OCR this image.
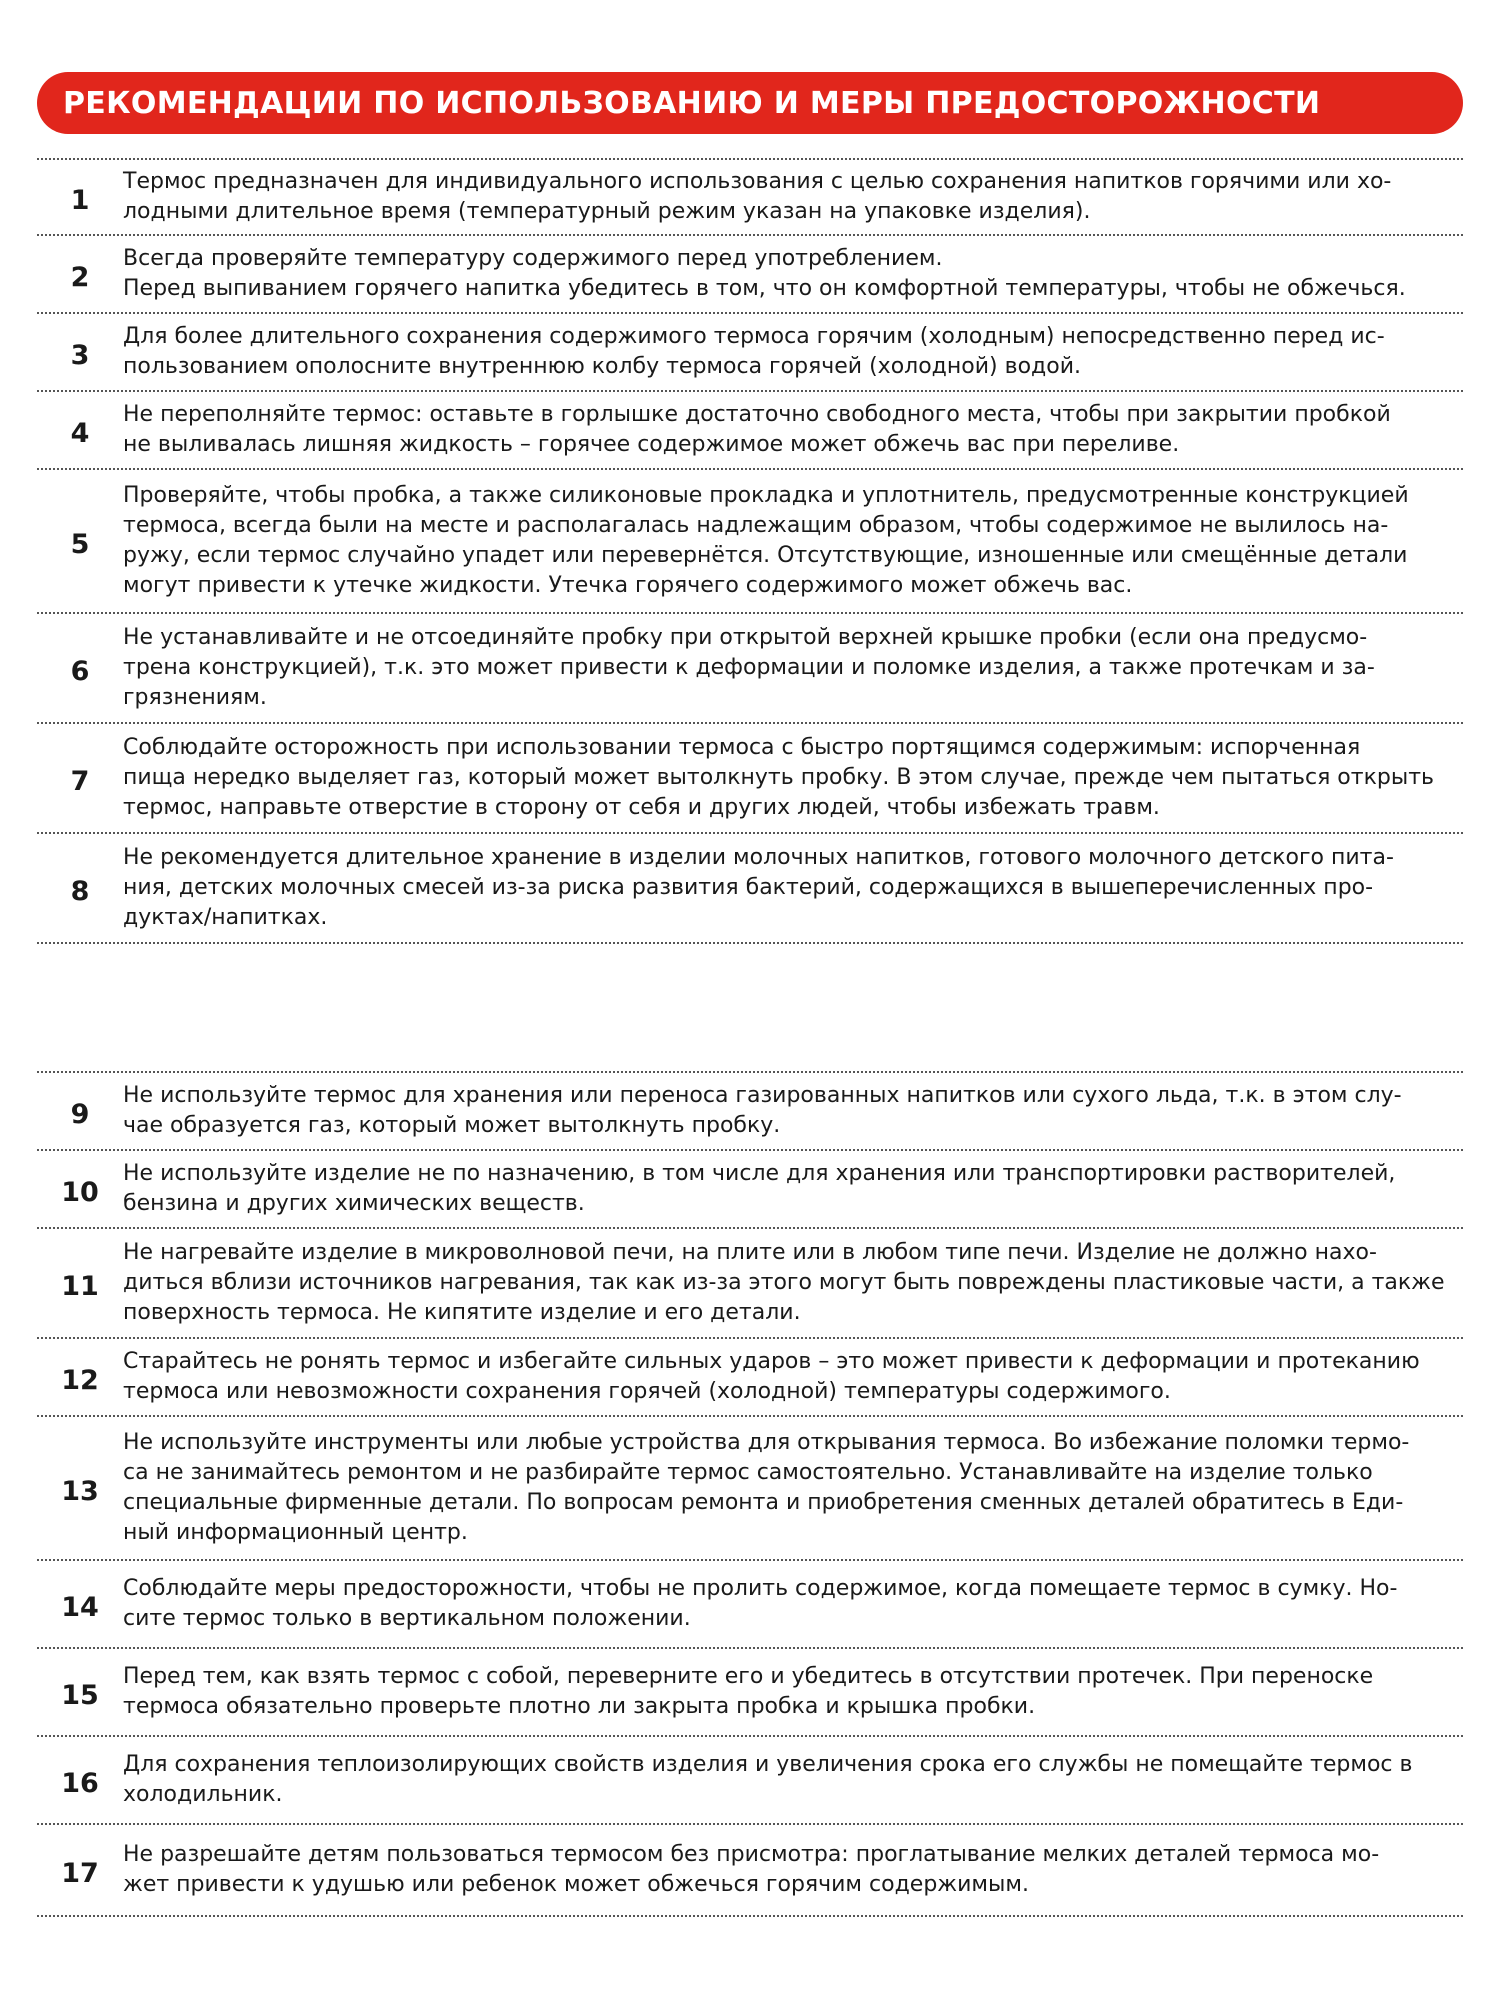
РЕКОМЕНДАЦИИ ПО ИСПОЛЬЗОВАНИЮ И МЕРЫ ПРЕДОСТОРОЖНОСТИ
1
Термос предназначен для индивидуального использования с целью сохранения напитков горячими или хо-
лодными длительное время (температурный режим указан на упаковке изделия).
2
Всегда проверяйте температуру содержимого перед употреблением.
Перед выпиванием горячего напитка убедитесь в том, что он комфортной температуры, чтобы не обжечься.
3
Для более длительного сохранения содержимого термоса горячим (холодным) непосредственно перед ис-
пользованием ополосните внутреннюю колбу термоса горячей (холодной) водой.
4
Не переполняйте термос: оставьте в горлышке достаточно свободного места, чтобы при закрытии пробкой
не выливалась лишняя жидкость – горячее содержимое может обжечь вас при переливе.
5
Проверяйте, чтобы пробка, а также силиконовые прокладка и уплотнитель, предусмотренные конструкцией
термоса, всегда были на месте и располагалась надлежащим образом, чтобы содержимое не вылилось на-
ружу, если термос случайно упадет или перевернётся. Отсутствующие, изношенные или смещённые детали
могут привести к утечке жидкости. Утечка горячего содержимого может обжечь вас.
6
Не устанавливайте и не отсоединяйте пробку при открытой верхней крышке пробки (если она предусмо-
трена конструкцией), т.к. это может привести к деформации и поломке изделия, а также протечкам и за-
грязнениям.
7
Соблюдайте осторожность при использовании термоса с быстро портящимся содержимым: испорченная
пища нередко выделяет газ, который может вытолкнуть пробку. В этом случае, прежде чем пытаться открыть
термос, направьте отверстие в сторону от себя и других людей, чтобы избежать травм.
8
Не рекомендуется длительное хранение в изделии молочных напитков, готового молочного детского пита-
ния, детских молочных смесей из-за риска развития бактерий, содержащихся в вышеперечисленных про-
дуктах/напитках.
9
Не используйте термос для хранения или переноса газированных напитков или сухого льда, т.к. в этом слу-
чае образуется газ, который может вытолкнуть пробку.
10
Не используйте изделие не по назначению, в том числе для хранения или транспортировки растворителей,
бензина и других химических веществ.
11
Не нагревайте изделие в микроволновой печи, на плите или в любом типе печи. Изделие не должно нахо-
диться вблизи источников нагревания, так как из-за этого могут быть повреждены пластиковые части, а также
поверхность термоса. Не кипятите изделие и его детали.
12
Старайтесь не ронять термос и избегайте сильных ударов – это может привести к деформации и протеканию
термоса или невозможности сохранения горячей (холодной) температуры содержимого.
13
Не используйте инструменты или любые устройства для открывания термоса. Во избежание поломки термо-
са не занимайтесь ремонтом и не разбирайте термос самостоятельно. Устанавливайте на изделие только
специальные фирменные детали. По вопросам ремонта и приобретения сменных деталей обратитесь в Еди-
ный информационный центр.
14
Соблюдайте меры предосторожности, чтобы не пролить содержимое, когда помещаете термос в сумку. Но-
сите термос только в вертикальном положении.
15
Перед тем, как взять термос с собой, переверните его и убедитесь в отсутствии протечек. При переноске
термоса обязательно проверьте плотно ли закрыта пробка и крышка пробки.
16
Для сохранения теплоизолирующих свойств изделия и увеличения срока его службы не помещайте термос в
холодильник.
17
Не разрешайте детям пользоваться термосом без присмотра: проглатывание мелких деталей термоса мо-
жет привести к удушью или ребенок может обжечься горячим содержимым.
